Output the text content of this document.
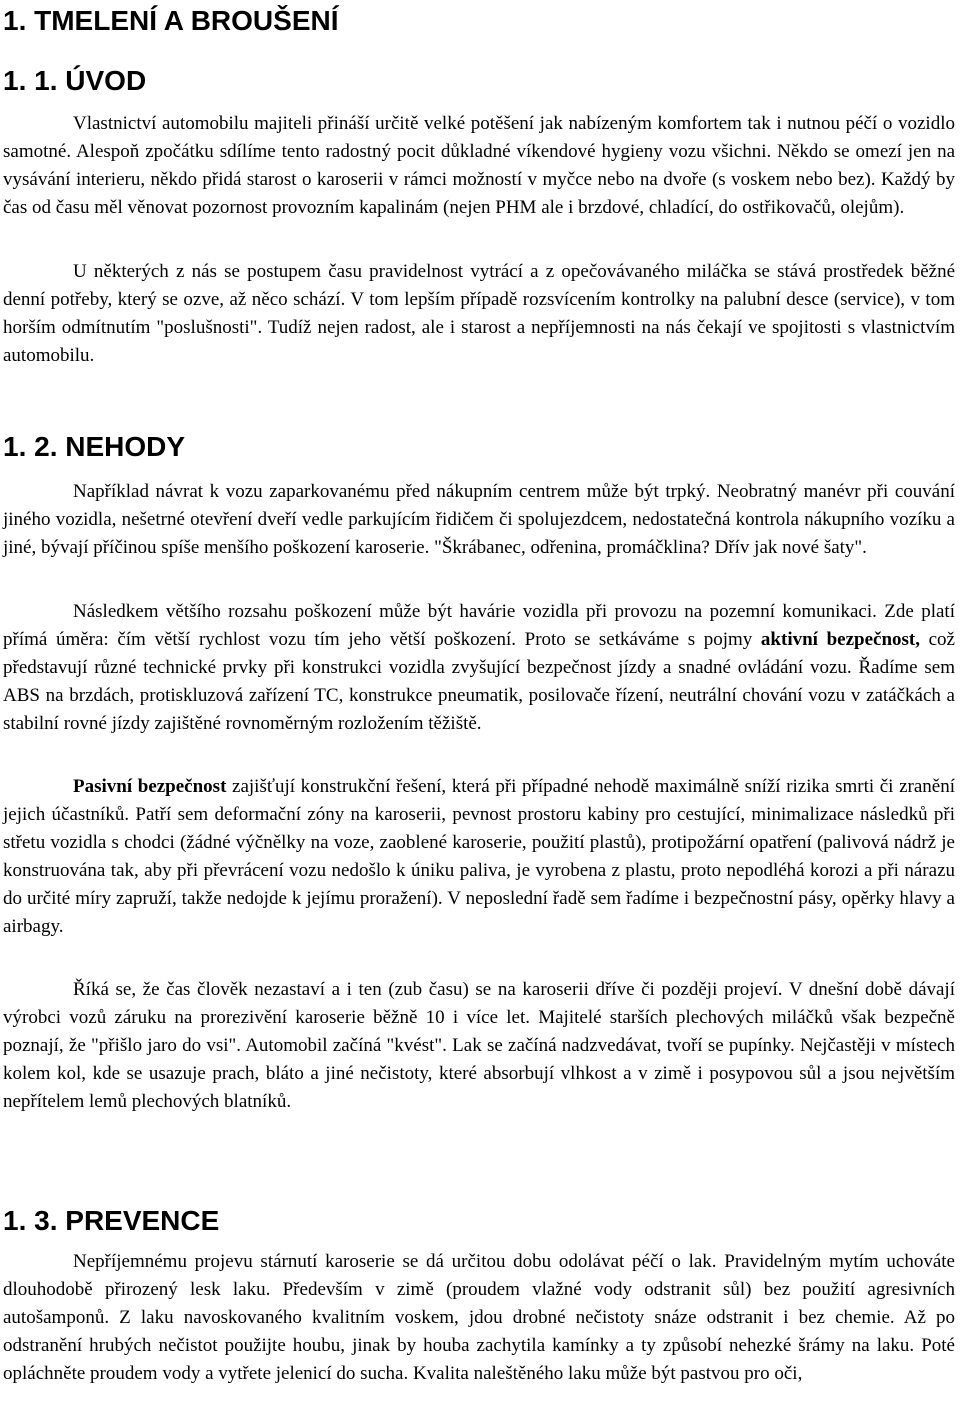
1. TMELENÍ A BROUŠENÍ
1. 1. ÚVOD

Vlastnictví automobilu majiteli přináší určitě velké potěšení jak nabízeným komfortem tak i nutnou péčí o vozidlo samotné. Alespoň zpočátku sdílíme tento radostný pocit důkladné víkendové hygieny vozu všichni. Někdo se omezí jen na vysávání interieru, někdo přidá starost o karoserii v rámci možností v myčce nebo na dvoře (s voskem nebo bez). Každý by čas od času měl věnovat pozornost provozním kapalinám (nejen PHM ale i brzdové, chladící, do ostřikovačů, olejům).

U některých z nás se postupem času pravidelnost vytrácí a z opečovávaného miláčka se stává prostředek běžné denní potřeby, který se ozve, až něco schází. V tom lepším případě rozsvícením kontrolky na palubní desce (service), v tom horším odmítnutím "poslušnosti". Tudíž nejen radost, ale i starost a nepříjemnosti na nás čekají ve spojitosti s vlastnictvím automobilu.

1. 2. NEHODY

Například návrat k vozu zaparkovanému před nákupním centrem může být trpký. Neobratný manévr při couvání jiného vozidla, nešetrné otevření dveří vedle parkujícím řidičem či spolujezdcem, nedostatečná kontrola nákupního vozíku a jiné, bývají příčinou spíše menšího poškození karoserie. "Škrábanec, odřenina, promáčklina? Dřív jak nové šaty".

Následkem většího rozsahu poškození může být havárie vozidla při provozu na pozemní komunikaci. Zde platí přímá úměra: čím větší rychlost vozu tím jeho větší poškození. Proto se setkáváme s pojmy aktivní bezpečnost, což představují různé technické prvky při konstrukci vozidla zvyšující bezpečnost jízdy a snadné ovládání vozu. Řadíme sem ABS na brzdách, protiskluzová zařízení TC, konstrukce pneumatik, posilovače řízení, neutrální chování vozu v zatáčkách a stabilní rovné jízdy zajištěné rovnoměrným rozložením těžiště.

Pasivní bezpečnost zajišťují konstrukční řešení, která při případné nehodě maximálně sníží rizika smrti či zranění jejich účastníků. Patří sem deformační zóny na karoserii, pevnost prostoru kabiny pro cestující, minimalizace následků při střetu vozidla s chodci (žádné výčnělky na voze, zaoblené karoserie, použití plastů), protipožární opatření (palivová nádrž je konstruována tak, aby při převrácení vozu nedošlo k úniku paliva, je vyrobena z plastu, proto nepodléhá korozi a při nárazu do určité míry zapruží, takže nedojde k jejímu proražení). V neposlední řadě sem řadíme i bezpečnostní pásy, opěrky hlavy a airbagy.

Říká se, že čas člověk nezastaví a i ten (zub času) se na karoserii dříve či později projeví. V dnešní době dávají výrobci vozů záruku na prorezivění karoserie běžně 10 i více let. Majitelé starších plechových miláčků však bezpečně poznají, že "přišlo jaro do vsi". Automobil začíná "kvést". Lak se začíná nadzvedávat, tvoří se pupínky. Nejčastěji v místech kolem kol, kde se usazuje prach, bláto a jiné nečistoty, které absorbují vlhkost a v zimě i posypovou sůl a jsou největším nepřítelem lemů plechových blatníků.

1. 3. PREVENCE

Nepříjemnému projevu stárnutí karoserie se dá určitou dobu odolávat péčí o lak. Pravidelným mytím uchováte dlouhodobě přirozený lesk laku. Především v zimě (proudem vlažné vody odstranit sůl) bez použití agresivních autošamponů. Z laku navoskovaného kvalitním voskem, jdou drobné nečistoty snáze odstranit i bez chemie. Až po odstranění hrubých nečistot použijte houbu, jinak by houba zachytila kamínky a ty způsobí nehezké šrámy na laku. Poté opláchněte proudem vody a vytřete jelenicí do sucha. Kvalita naleštěného laku může být pastvou pro oči,
